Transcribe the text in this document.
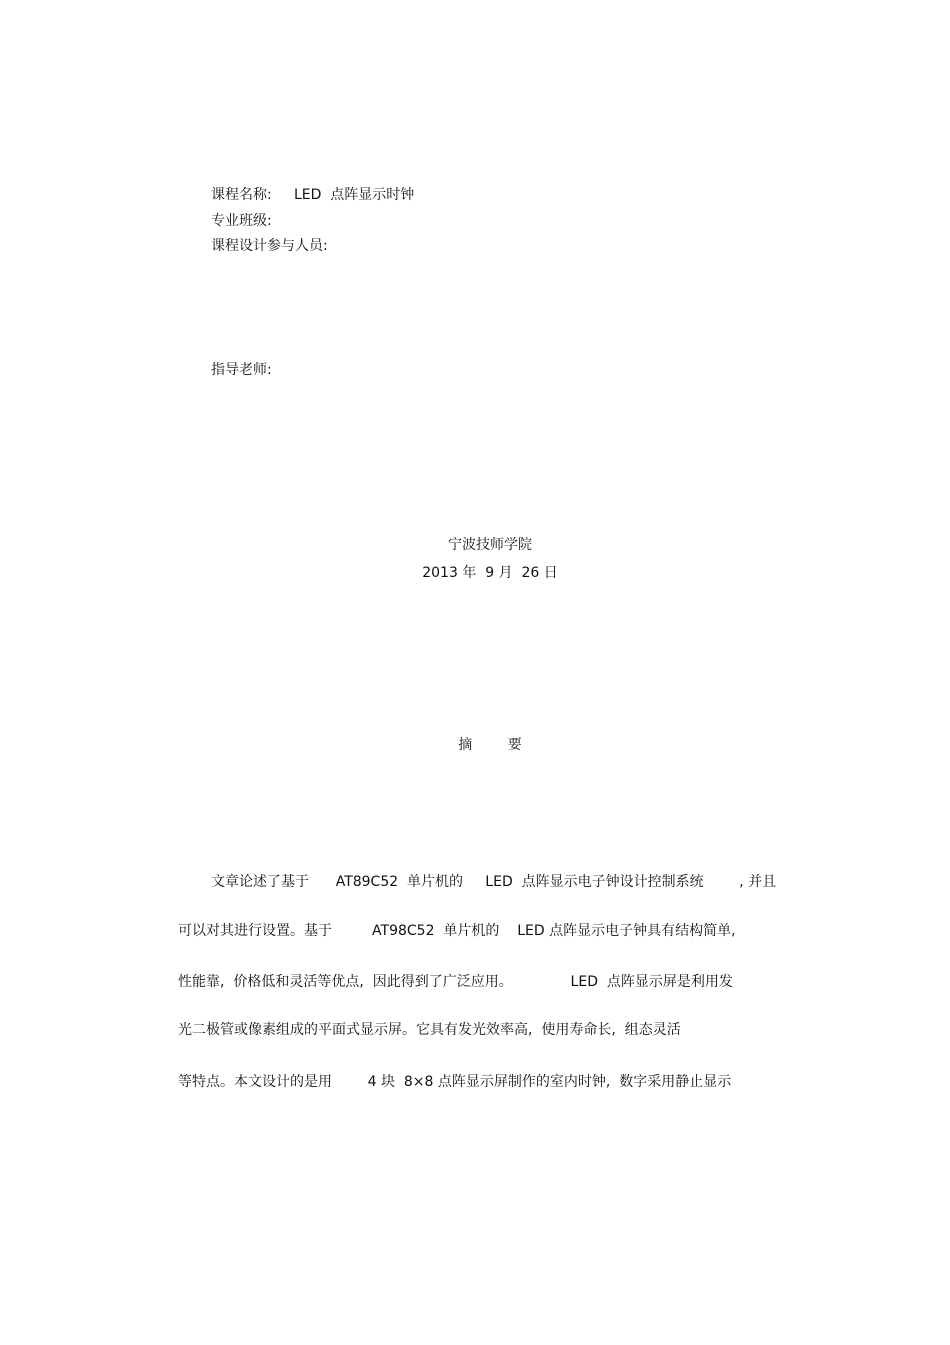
课程名称:     LED  点阵显示时钟
专业班级:
课程设计参与人员:
指导老师:
宁波技师学院
2013 年  9 月  26 日
摘        要
文章论述了基于      AT89C52  单片机的     LED  点阵显示电子钟设计控制系统        , 并且
可以对其进行设置。基于         AT98C52  单片机的    LED 点阵显示电子钟具有结构简单,
性能靠,  价格低和灵活等优点,  因此得到了广泛应用。             LED  点阵显示屏是利用发
光二极管或像素组成的平面式显示屏。它具有发光效率高,  使用寿命长,  组态灵活
等特点。本文设计的是用        4 块  8×8 点阵显示屏制作的室内时钟,  数字采用静止显示
